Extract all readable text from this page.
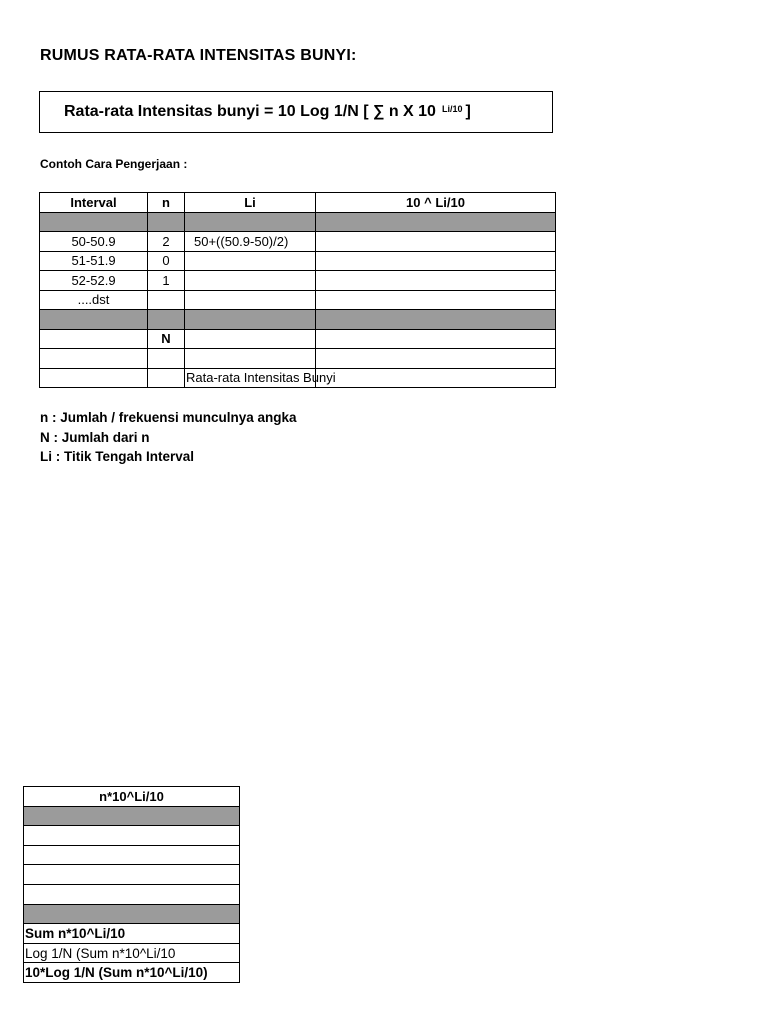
RUMUS RATA-RATA INTENSITAS BUNYI:
Rata-rata Intensitas bunyi = 10 Log 1/N [ ∑ n X 10 $^{Li/10}$ ]
Contoh Cara Pengerjaan :
Interval	n	Li	10 ^ Li/10

50-50.9	2	50+((50.9-50)/2)	
51-51.9	0		
52-52.9	1		
....dst			

	N		

		Rata-rata Intensitas Bunyi	
n : Jumlah / frekuensi munculnya angka
N : Jumlah dari n
Li : Titik Tengah Interval
n*10^Li/10

Sum n*10^Li/10
Log 1/N (Sum n*10^Li/10
10*Log 1/N (Sum n*10^Li/10)
